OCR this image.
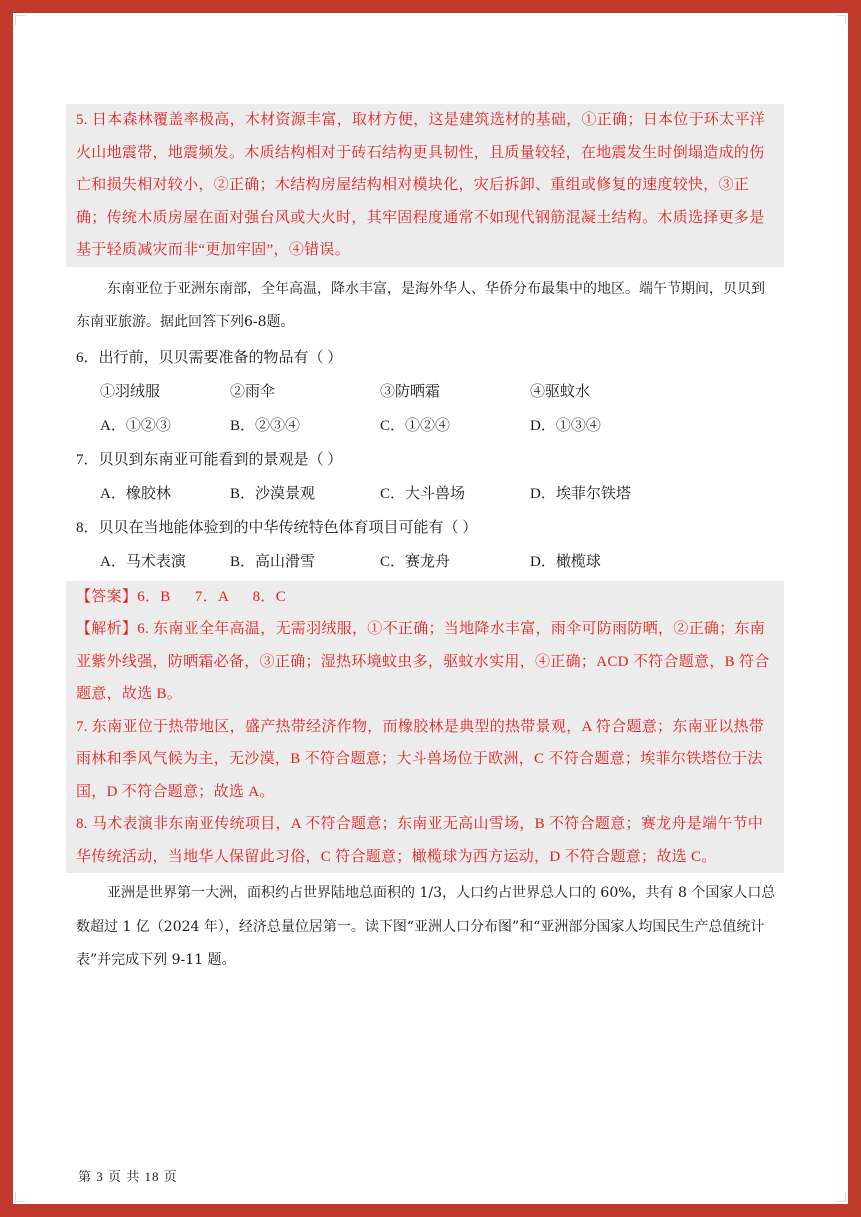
5. 日本森林覆盖率极高，木材资源丰富，取材方便，这是建筑选材的基础，①正确；日本位于环太平洋火山地震带，地震频发。木质结构相对于砖石结构更具韧性，且质量较轻，在地震发生时倒塌造成的伤亡和损失相对较小，②正确；木结构房屋结构相对模块化，灾后拆卸、重组或修复的速度较快，③正确；传统木质房屋在面对强台风或大火时，其牢固程度通常不如现代钢筋混凝土结构。木质选择更多是基于轻质减灾而非“更加牢固”，④错误。

东南亚位于亚洲东南部，全年高温，降水丰富，是海外华人、华侨分布最集中的地区。端午节期间，贝贝到东南亚旅游。据此回答下列6-8题。

6．出行前，贝贝需要准备的物品有（ ）

①羽绒服	②雨伞	③防晒霜	④驱蚊水
A．①②③	B．②③④	C．①②④	D．①③④

7．贝贝到东南亚可能看到的景观是（ ）

A．橡胶林	B．沙漠景观	C．大斗兽场	D．埃菲尔铁塔

8．贝贝在当地能体验到的中华传统特色体育项目可能有（ ）

A．马术表演	B．高山滑雪	C．赛龙舟	D．橄榄球

【答案】6．B      7．A      8．C

【解析】6. 东南亚全年高温，无需羽绒服，①不正确；当地降水丰富，雨伞可防雨防晒，②正确；东南亚紫外线强，防晒霜必备，③正确；湿热环境蚊虫多，驱蚊水实用，④正确；ACD 不符合题意，B 符合题意，故选 B。

7. 东南亚位于热带地区，盛产热带经济作物，而橡胶林是典型的热带景观，A 符合题意；东南亚以热带雨林和季风气候为主，无沙漠，B 不符合题意；大斗兽场位于欧洲，C 不符合题意；埃菲尔铁塔位于法国，D 不符合题意；故选 A。

8. 马术表演非东南亚传统项目，A 不符合题意；东南亚无高山雪场，B 不符合题意；赛龙舟是端午节中华传统活动，当地华人保留此习俗，C 符合题意；橄榄球为西方运动，D 不符合题意；故选 C。

亚洲是世界第一大洲，面积约占世界陆地总面积的 1/3，人口约占世界总人口的 60%，共有 8 个国家人口总数超过 1 亿（2024 年），经济总量位居第一。读下图“亚洲人口分布图”和“亚洲部分国家人均国民生产总值统计表”并完成下列 9-11 题。

第 3 页 共 18 页
